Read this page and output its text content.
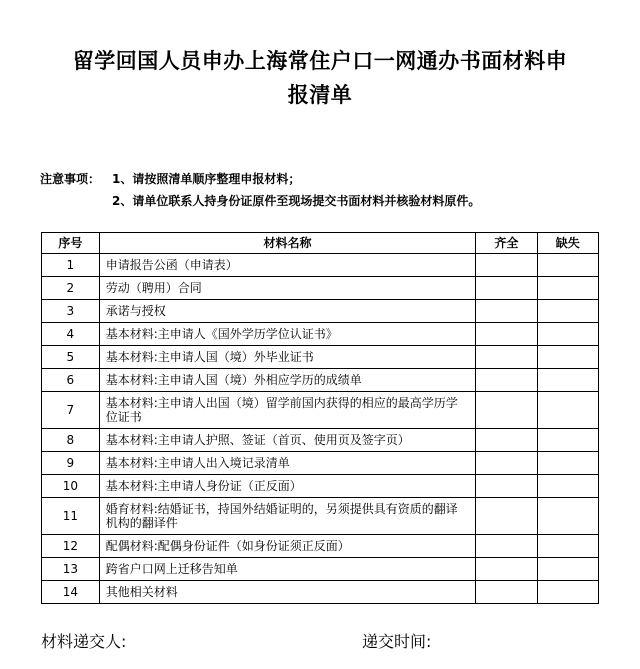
留学回国人员申办上海常住户口一网通办书面材料申
报清单
注意事项： 1、请按照清单顺序整理申报材料；
2、请单位联系人持身份证原件至现场提交书面材料并核验材料原件。
序号	材料名称	齐全	缺失
1	申请报告公函（申请表）		
2	劳动（聘用）合同		
3	承诺与授权		
4	基本材料:主申请人《国外学历学位认证书》		
5	基本材料:主申请人国（境）外毕业证书		
6	基本材料:主申请人国（境）外相应学历的成绩单		
7	基本材料:主申请人出国（境）留学前国内获得的相应的最高学历学位证书		
8	基本材料:主申请人护照、签证（首页、使用页及签字页）		
9	基本材料:主申请人出入境记录清单		
10	基本材料:主申请人身份证（正反面）		
11	婚育材料:结婚证书，持国外结婚证明的，另须提供具有资质的翻译机构的翻译件		
12	配偶材料:配偶身份证件（如身份证须正反面）		
13	跨省户口网上迁移告知单		
14	其他相关材料		
材料递交人:	递交时间:
